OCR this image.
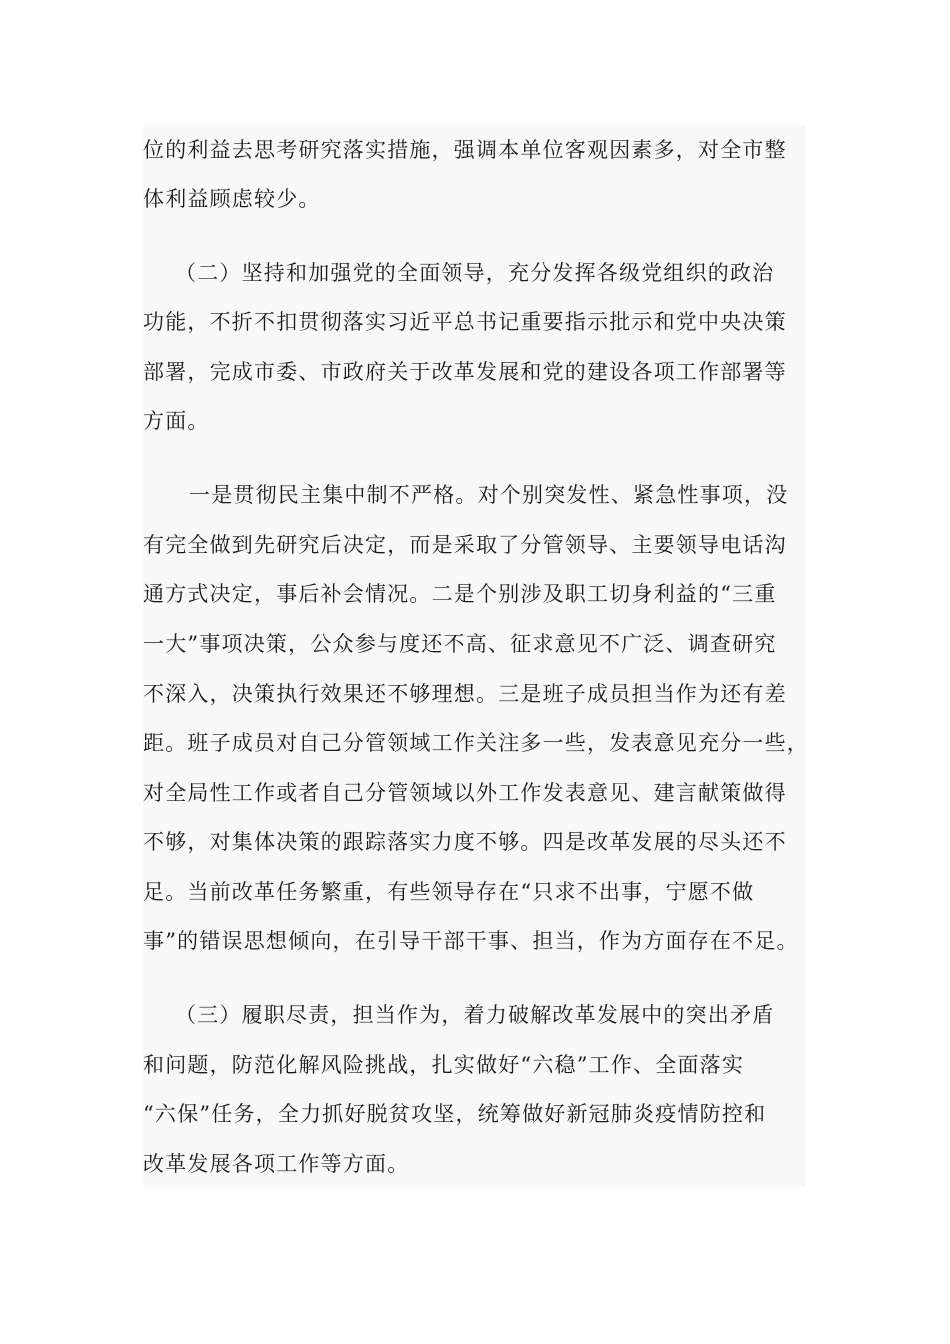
位的利益去思考研究落实措施，强调本单位客观因素多，对全市整
体利益顾虑较少。
（二）坚持和加强党的全面领导，充分发挥各级党组织的政治
功能，不折不扣贯彻落实习近平总书记重要指示批示和党中央决策
部署，完成市委、市政府关于改革发展和党的建设各项工作部署等
方面。
一是贯彻民主集中制不严格。对个别突发性、紧急性事项，没
有完全做到先研究后决定，而是采取了分管领导、主要领导电话沟
通方式决定，事后补会情况。二是个别涉及职工切身利益的“三重
一大”事项决策，公众参与度还不高、征求意见不广泛、调查研究
不深入，决策执行效果还不够理想。三是班子成员担当作为还有差
距。班子成员对自己分管领域工作关注多一些，发表意见充分一些，
对全局性工作或者自己分管领域以外工作发表意见、建言献策做得
不够，对集体决策的跟踪落实力度不够。四是改革发展的尽头还不
足。当前改革任务繁重，有些领导存在“只求不出事，宁愿不做
事”的错误思想倾向，在引导干部干事、担当，作为方面存在不足。
（三）履职尽责，担当作为，着力破解改革发展中的突出矛盾
和问题，防范化解风险挑战，扎实做好“六稳”工作、全面落实
“六保”任务，全力抓好脱贫攻坚，统筹做好新冠肺炎疫情防控和
改革发展各项工作等方面。
